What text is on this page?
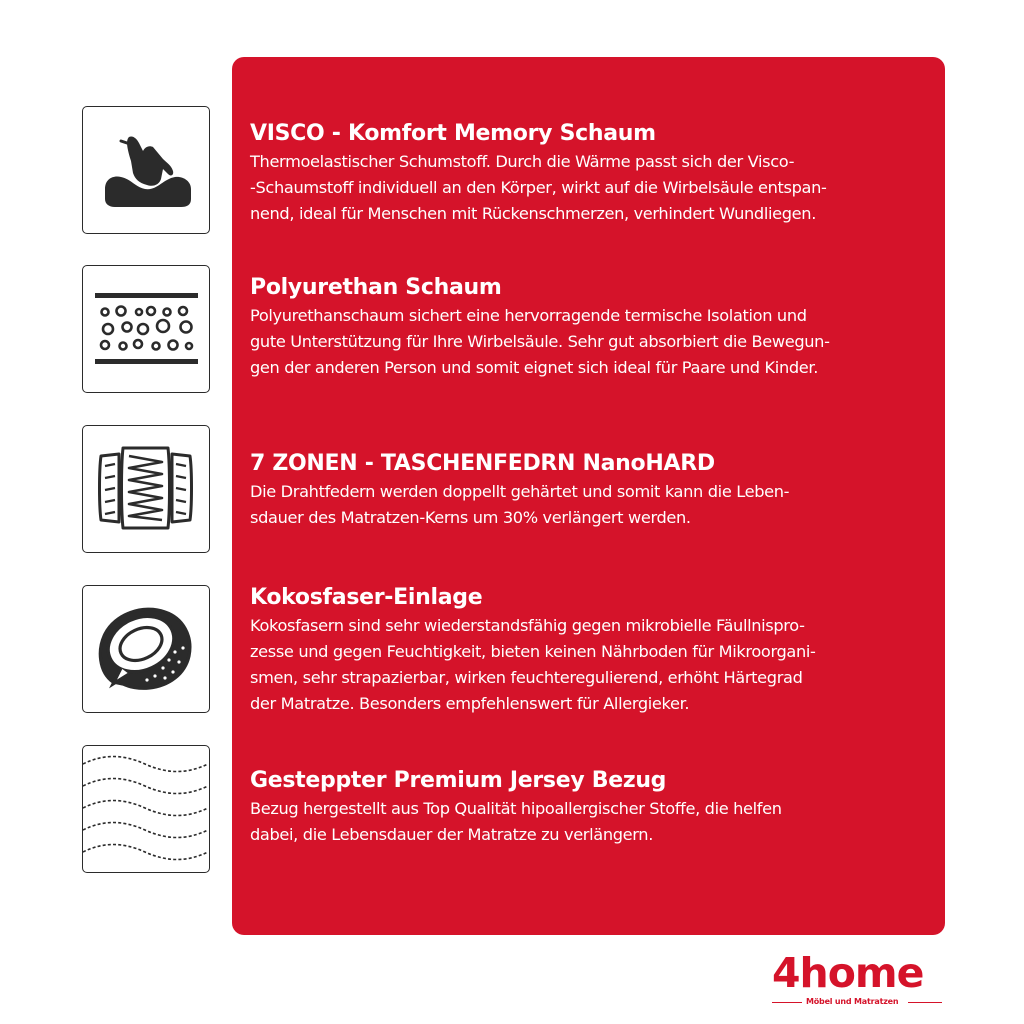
VISCO - Komfort Memory Schaum
Thermoelastischer Schumstoff. Durch die Wärme passt sich der Visco-
-Schaumstoff individuell an den Körper, wirkt auf die Wirbelsäule entspan-
nend, ideal für Menschen mit Rückenschmerzen, verhindert Wundliegen.
Polyurethan Schaum
Polyurethanschaum sichert eine hervorragende termische Isolation und
gute Unterstützung für Ihre Wirbelsäule. Sehr gut absorbiert die Bewegun-
gen der anderen Person und somit eignet sich ideal für Paare und Kinder.
7 ZONEN - TASCHENFEDRN NanoHARD
Die Drahtfedern werden doppellt gehärtet und somit kann die Leben-
sdauer des Matratzen-Kerns um 30% verlängert werden.
Kokosfaser-Einlage
Kokosfasern sind sehr wiederstandsfähig gegen mikrobielle Fäullnispro-
zesse und gegen Feuchtigkeit, bieten keinen Nährboden für Mikroorgani-
smen, sehr strapazierbar, wirken feuchteregulierend, erhöht Härtegrad
der Matratze. Besonders empfehlenswert für Allergieker.
Gesteppter Premium Jersey Bezug
Bezug hergestellt aus Top Qualität hipoallergischer Stoffe, die helfen
dabei, die Lebensdauer der Matratze zu verlängern.
4home
Möbel und Matratzen
